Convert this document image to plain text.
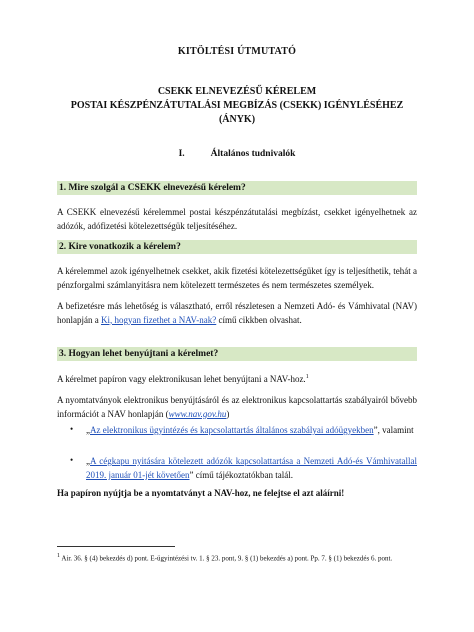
KITÖLTÉSI ÚTMUTATÓ
CSEKK ELNEVEZÉSŰ KÉRELEM
POSTAI KÉSZPÉNZÁTUTALÁSI MEGBÍZÁS (CSEKK) IGÉNYLÉSÉHEZ
(ÁNYK)
I.	Általános tudnivalók
1. Mire szolgál a CSEKK elnevezésű kérelem?
A CSEKK elnevezésű kérelemmel postai készpénzátutalási megbízást, csekket igényelhetnek az adózók, adófizetési kötelezettségük teljesítéséhez.
2. Kire vonatkozik a kérelem?
A kérelemmel azok igényelhetnek csekket, akik fizetési kötelezettségüket így is teljesíthetik, tehát a pénzforgalmi számlanyitásra nem kötelezett természetes és nem természetes személyek.
A befizetésre más lehetőség is választható, erről részletesen a Nemzeti Adó- és Vámhivatal (NAV) honlapján a Ki, hogyan fizethet a NAV-nak? című cikkben olvashat.
3. Hogyan lehet benyújtani a kérelmet?
A kérelmet papíron vagy elektronikusan lehet benyújtani a NAV-hoz.$^1$
A nyomtatványok elektronikus benyújtásáról és az elektronikus kapcsolattartás szabályairól bővebb információt a NAV honlapján (www.nav.gov.hu)
• „Az elektronikus ügyintézés és kapcsolattartás általános szabályai adóügyekben”, valamint
• „A cégkapu nyitására kötelezett adózók kapcsolattartása a Nemzeti Adó-és Vámhivatallal 2019. január 01-jét követően” című tájékoztatókban talál.
Ha papíron nyújtja be a nyomtatványt a NAV-hoz, ne felejtse el azt aláírni!
$^1$ Air. 36. § (4) bekezdés d) pont. E-ügyintézési tv. 1. § 23. pont, 9. § (1) bekezdés a) pont. Pp. 7. § (1) bekezdés 6. pont.
